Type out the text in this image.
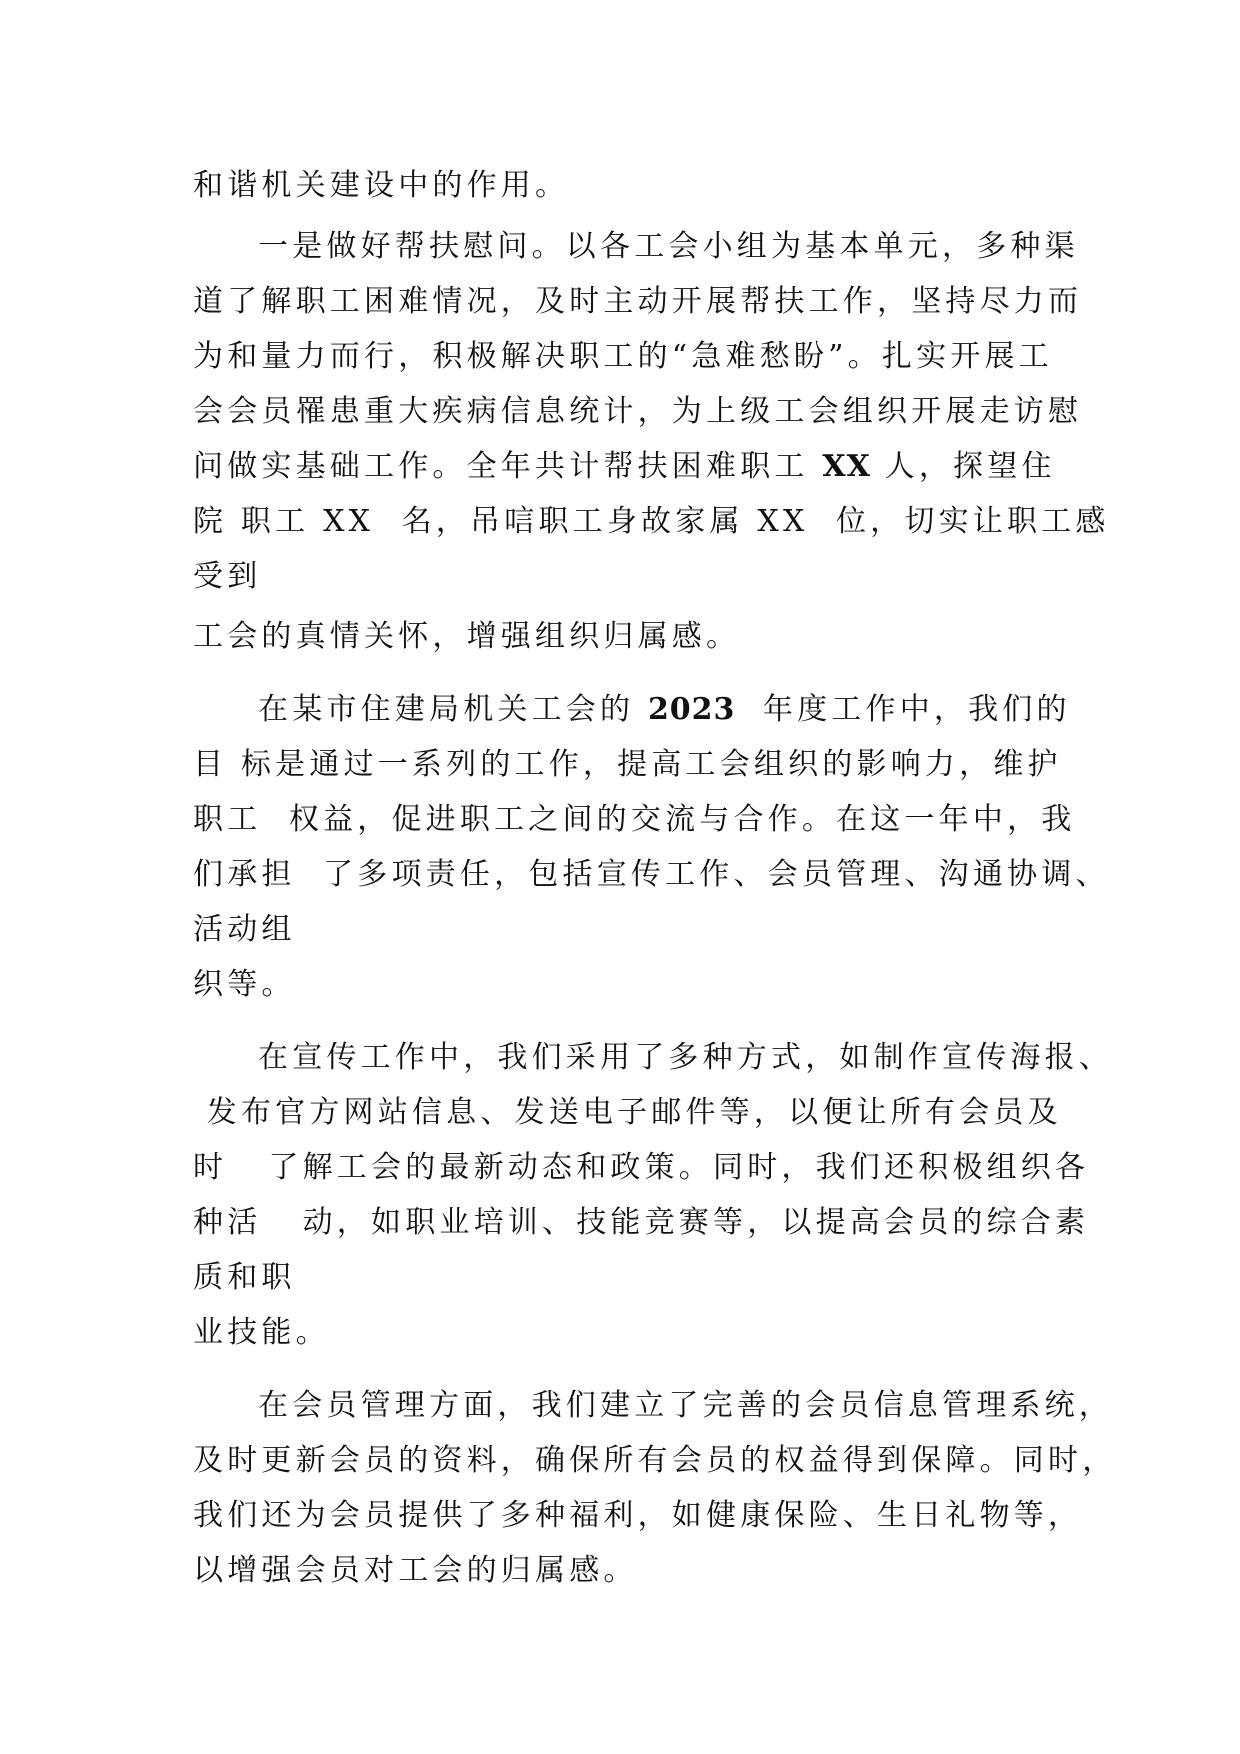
和谐机关建设中的作用。
一是做好帮扶慰问。以各工会小组为基本单元，多种渠
道了解职工困难情况，及时主动开展帮扶工作，坚持尽力而
为和量力而行，积极解决职工的“急难愁盼”。扎实开展工
会会员罹患重大疾病信息统计，为上级工会组织开展走访慰
问做实基础工作。全年共计帮扶困难职工 XX 人，探望住
院 职工 XX  名，吊唁职工身故家属 XX  位，切实让职工感
受到
工会的真情关怀，增强组织归属感。
在某市住建局机关工会的 2023  年度工作中，我们的
目 标是通过一系列的工作，提高工会组织的影响力，维护
职工  权益，促进职工之间的交流与合作。在这一年中，我
们承担  了多项责任，包括宣传工作、会员管理、沟通协调、
活动组
织等。
在宣传工作中，我们采用了多种方式，如制作宣传海报、
发布官方网站信息、发送电子邮件等，以便让所有会员及
时   了解工会的最新动态和政策。同时，我们还积极组织各
种活   动，如职业培训、技能竞赛等，以提高会员的综合素
质和职
业技能。
在会员管理方面，我们建立了完善的会员信息管理系统，
及时更新会员的资料，确保所有会员的权益得到保障。同时，
我们还为会员提供了多种福利，如健康保险、生日礼物等，
以增强会员对工会的归属感。
